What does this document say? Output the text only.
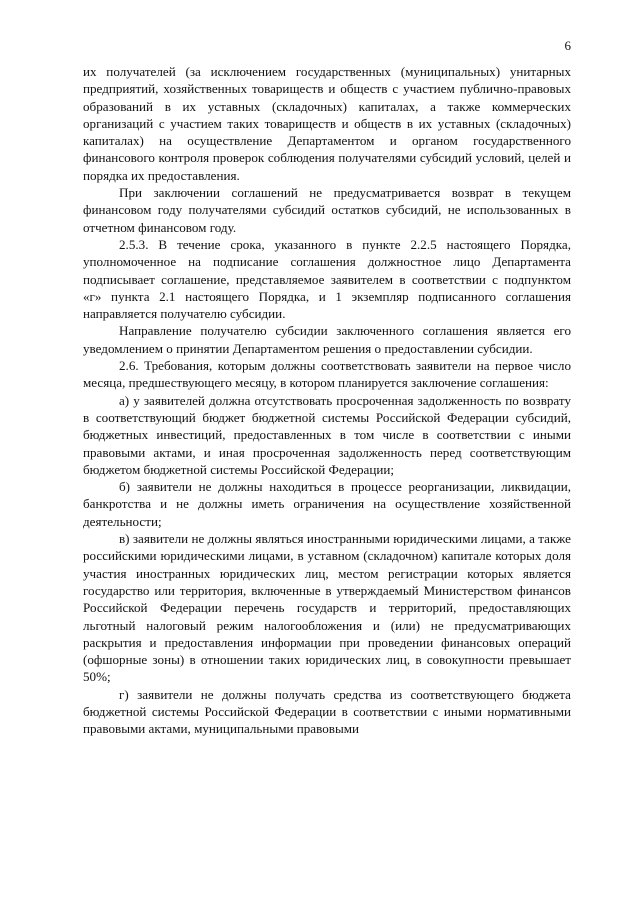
6

их получателей (за исключением государственных (муниципальных) унитарных предприятий, хозяйственных товариществ и обществ с участием публично-правовых образований в их уставных (складочных) капиталах, а также коммерческих организаций с участием таких товариществ и обществ в их уставных (складочных) капиталах) на осуществление Департаментом и органом государственного финансового контроля проверок соблюдения получателями субсидий условий, целей и порядка их предоставления.

При заключении соглашений не предусматривается возврат в текущем финансовом году получателями субсидий остатков субсидий, не использованных в отчетном финансовом году.

2.5.3. В течение срока, указанного в пункте 2.2.5 настоящего Порядка, уполномоченное на подписание соглашения должностное лицо Департамента подписывает соглашение, представляемое заявителем в соответствии с подпунктом «г» пункта 2.1 настоящего Порядка, и 1 экземпляр подписанного соглашения направляется получателю субсидии.

Направление получателю субсидии заключенного соглашения является его уведомлением о принятии Департаментом решения о предоставлении субсидии.

2.6. Требования, которым должны соответствовать заявители на первое число месяца, предшествующего месяцу, в котором планируется заключение соглашения:

а) у заявителей должна отсутствовать просроченная задолженность по возврату в соответствующий бюджет бюджетной системы Российской Федерации субсидий, бюджетных инвестиций, предоставленных в том числе в соответствии с иными правовыми актами, и иная просроченная задолженность перед соответствующим бюджетом бюджетной системы Российской Федерации;

б) заявители не должны находиться в процессе реорганизации, ликвидации, банкротства и не должны иметь ограничения на осуществление хозяйственной деятельности;

в) заявители не должны являться иностранными юридическими лицами, а также российскими юридическими лицами, в уставном (складочном) капитале которых доля участия иностранных юридических лиц, местом регистрации которых является государство или территория, включенные в утверждаемый Министерством финансов Российской Федерации перечень государств и территорий, предоставляющих льготный налоговый режим налогообложения и (или) не предусматривающих раскрытия и предоставления информации при проведении финансовых операций (офшорные зоны) в отношении таких юридических лиц, в совокупности превышает 50%;

г) заявители не должны получать средства из соответствующего бюджета бюджетной системы Российской Федерации в соответствии с иными нормативными правовыми актами, муниципальными правовыми
